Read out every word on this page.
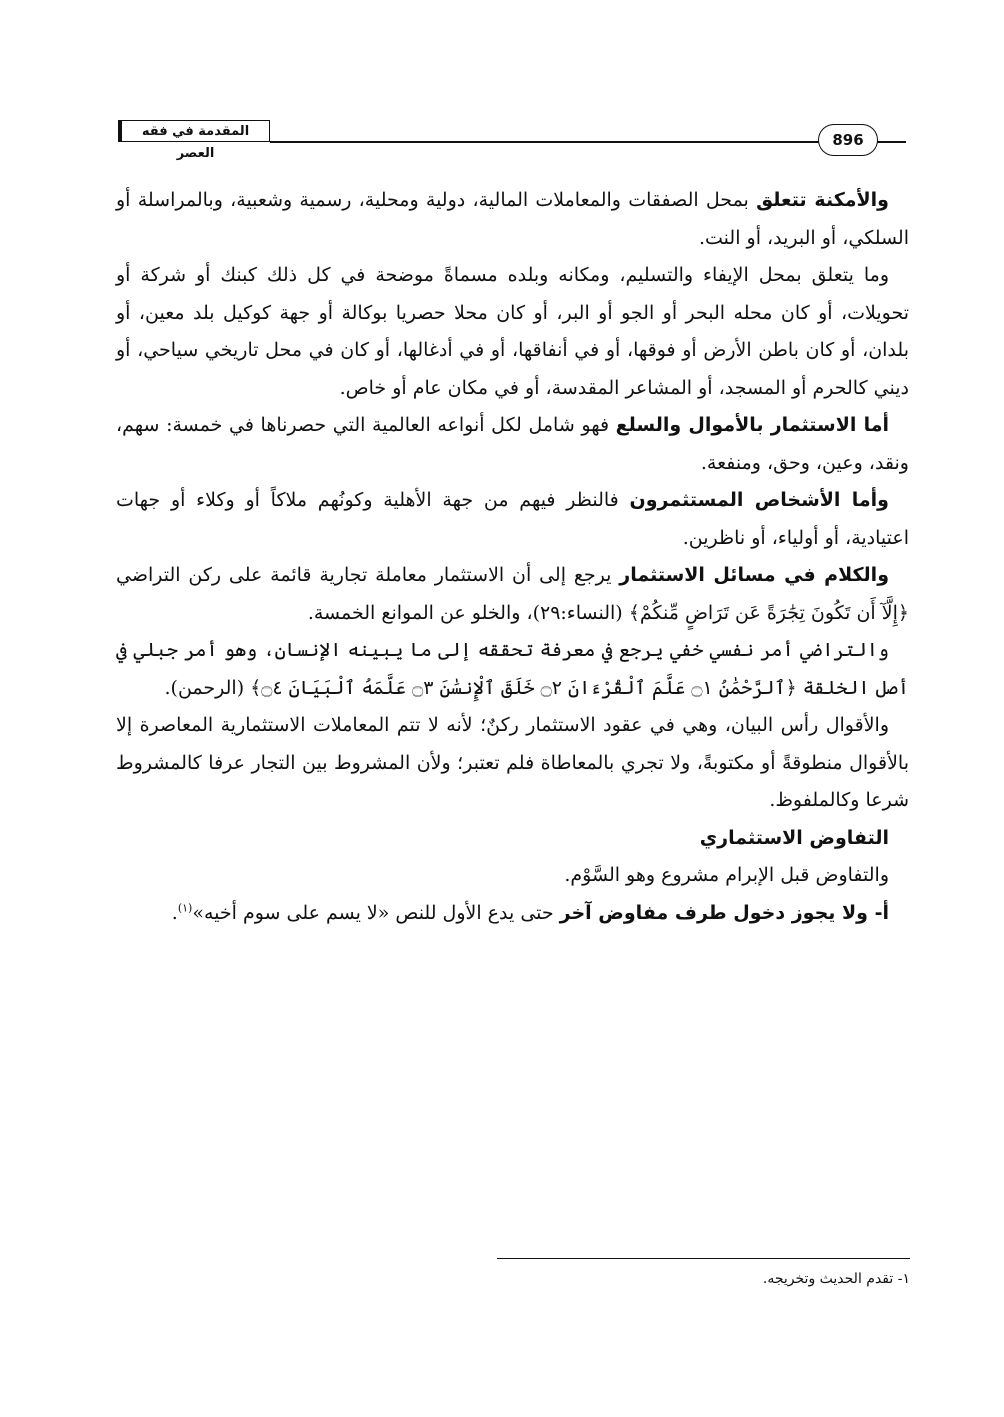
المقدمة في فقه العصر
896

والأمكنة تتعلق بمحل الصفقات والمعاملات المالية، دولية ومحلية، رسمية وشعبية، وبالمراسلة أو السلكي، أو البريد، أو النت.

وما يتعلق بمحل الإيفاء والتسليم، ومكانه وبلده مسماةً موضحة في كل ذلك كبنك أو شركة أو تحويلات، أو كان محله البحر أو الجو أو البر، أو كان محلا حصريا بوكالة أو جهة كوكيل بلد معين، أو بلدان، أو كان باطن الأرض أو فوقها، أو في أنفاقها، أو في أدغالها، أو كان في محل تاريخي سياحي، أو ديني كالحرم أو المسجد، أو المشاعر المقدسة، أو في مكان عام أو خاص.

أما الاستثمار بالأموال والسلع فهو شامل لكل أنواعه العالمية التي حصرناها في خمسة: سهم، ونقد، وعين، وحق، ومنفعة.

وأما الأشخاص المستثمرون فالنظر فيهم من جهة الأهلية وكونُهم ملاكاً أو وكلاء أو جهات اعتيادية، أو أولياء، أو ناظرين.

والكلام في مسائل الاستثمار يرجع إلى أن الاستثمار معاملة تجارية قائمة على ركن التراضي ﴿إِلَّآ أَن تَكُونَ تِجَٰرَةً عَن تَرَاضٍ مِّنكُمْ﴾ (النساء:٢٩)، والخلو عن الموانع الخمسة.

والتراضي أمر نفسي خفي يرجع في معرفة تحققه إلى ما يبينه الإنسان، وهو أمر جبلي في أصل الخلقة ﴿ٱلرَّحْمَٰنُ ۝١ عَلَّمَ ٱلْقُرْءَانَ ۝٢ خَلَقَ ٱلْإِنسَٰنَ ۝٣ عَلَّمَهُ ٱلْبَيَانَ ۝٤﴾ (الرحمن).

والأقوال رأس البيان، وهي في عقود الاستثمار ركنٌ؛ لأنه لا تتم المعاملات الاستثمارية المعاصرة إلا بالأقوال منطوقةً أو مكتوبةً، ولا تجري بالمعاطاة فلم تعتبر؛ ولأن المشروط بين التجار عرفا كالمشروط شرعا وكالملفوظ.

التفاوض الاستثماري

والتفاوض قبل الإبرام مشروع وهو السَّوْم.

أ- ولا يجوز دخول طرف مفاوض آخر حتى يدع الأول للنص «لا يسم على سوم أخيه»$^{(١)}$.

١- تقدم الحديث وتخريجه.
